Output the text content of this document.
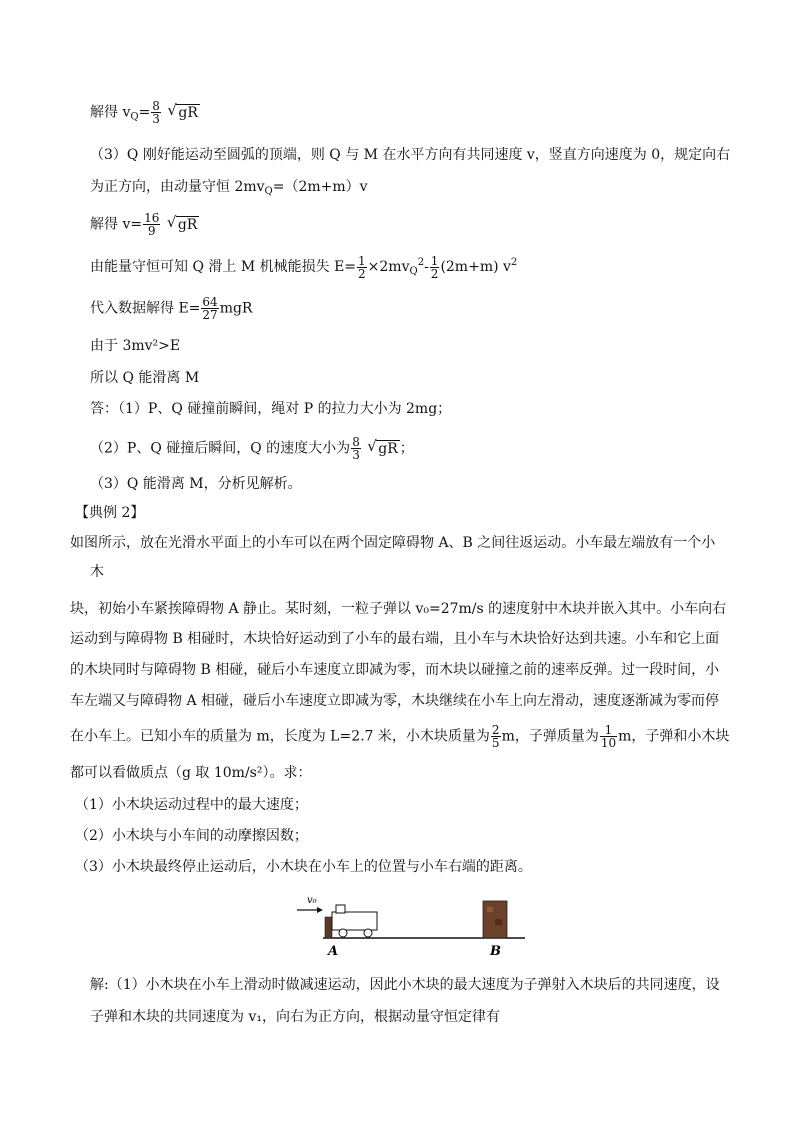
解得 $v_Q= \frac{8}{3}$ √ gR
（3）Q 刚好能运动至圆弧的顶端，则 Q 与 M 在水平方向有共同速度 v，竖直方向速度为 0，规定向右
为正方向，由动量守恒 $2mv_Q=(2m+m)v$
解得 $v= \frac{16}{9}$ √ gR
由能量守恒可知 Q 滑上 M 机械能损失 $E= \frac{1}{2} \times 2mv_Q^2- \frac{1}{2} (2m+m)$ $v^2$
代入数据解得 $E= \frac{64}{27}$ mgR
由于 3mv²>E
所以 Q 能滑离 M
答：（1）P、Q 碰撞前瞬间，绳对 P 的拉力大小为 2mg；
（2）P、Q 碰撞后瞬间，Q 的速度大小为 $\frac{8}{3}$ √ gR ；
（3）Q 能滑离 M，分析见解析。
【典例 2】
如图所示，放在光滑水平面上的小车可以在两个固定障碍物 A、B 之间往返运动。小车最左端放有一个小
木
块，初始小车紧挨障碍物 A 静止。某时刻，一粒子弹以 v₀=27m/s 的速度射中木块并嵌入其中。小车向右
运动到与障碍物 B 相碰时，木块恰好运动到了小车的最右端，且小车与木块恰好达到共速。小车和它上面
的木块同时与障碍物 B 相碰，碰后小车速度立即减为零，而木块以碰撞之前的速率反弹。过一段时间，小
车左端又与障碍物 A 相碰，碰后小车速度立即减为零，木块继续在小车上向左滑动，速度逐渐减为零而停
在小车上。已知小车的质量为 m，长度为 L=2.7 米，小木块质量为 $\frac{2}{5}$ m，子弹质量为 $\frac{1}{10}$ m，子弹和小木块
都可以看做质点（g 取 10m/s²）。求：
（1）小木块运动过程中的最大速度；
（2）小木块与小车间的动摩擦因数；
（3）小木块最终停止运动后，小木块在小车上的位置与小车右端的距离。
v₀
A	B
解:（1）小木块在小车上滑动时做减速运动，因此小木块的最大速度为子弹射入木块后的共同速度，设
子弹和木块的共同速度为 v₁，向右为正方向，根据动量守恒定律有
